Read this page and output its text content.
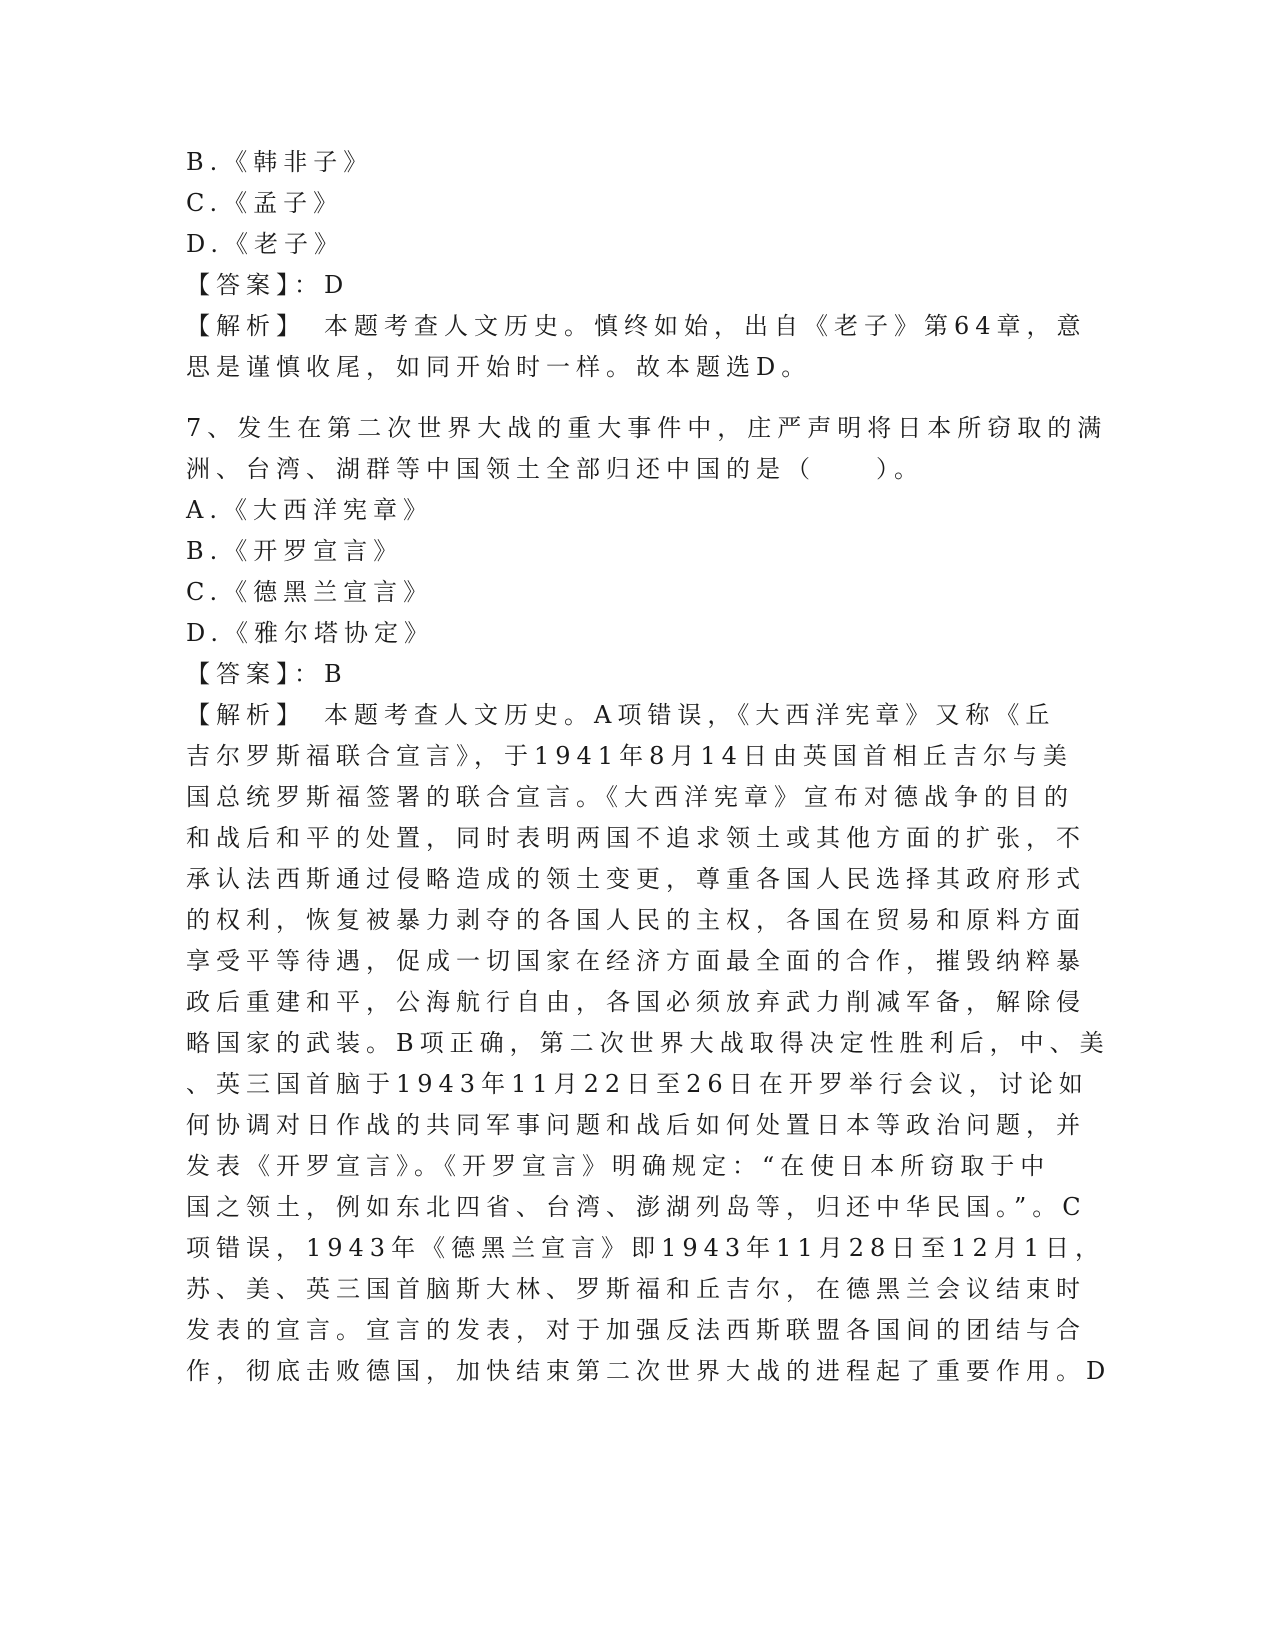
B.《韩非子》
C.《孟子》
D.《老子》
【答案】：D
【解析】　本题考查人文历史。慎终如始，出自《老子》第64章，意
思是谨慎收尾，如同开始时一样。故本题选D。
7、发生在第二次世界大战的重大事件中，庄严声明将日本所窃取的满
洲、台湾、湖群等中国领土全部归还中国的是（　　）。
A.《大西洋宪章》
B.《开罗宣言》
C.《德黑兰宣言》
D.《雅尔塔协定》
【答案】：B
【解析】　本题考查人文历史。A项错误，《大西洋宪章》又称《丘
吉尔罗斯福联合宣言》，于1941年8月14日由英国首相丘吉尔与美
国总统罗斯福签署的联合宣言。《大西洋宪章》宣布对德战争的目的
和战后和平的处置，同时表明两国不追求领土或其他方面的扩张，不
承认法西斯通过侵略造成的领土变更，尊重各国人民选择其政府形式
的权利，恢复被暴力剥夺的各国人民的主权，各国在贸易和原料方面
享受平等待遇，促成一切国家在经济方面最全面的合作，摧毁纳粹暴
政后重建和平，公海航行自由，各国必须放弃武力削减军备，解除侵
略国家的武装。B项正确，第二次世界大战取得决定性胜利后，中、美
、英三国首脑于1943年11月22日至26日在开罗举行会议，讨论如
何协调对日作战的共同军事问题和战后如何处置日本等政治问题，并
发表《开罗宣言》。《开罗宣言》明确规定：“在使日本所窃取于中
国之领土，例如东北四省、台湾、澎湖列岛等，归还中华民国。”。C
项错误，1943年《德黑兰宣言》即1943年11月28日至12月1日，
苏、美、英三国首脑斯大林、罗斯福和丘吉尔，在德黑兰会议结束时
发表的宣言。宣言的发表，对于加强反法西斯联盟各国间的团结与合
作，彻底击败德国，加快结束第二次世界大战的进程起了重要作用。D
